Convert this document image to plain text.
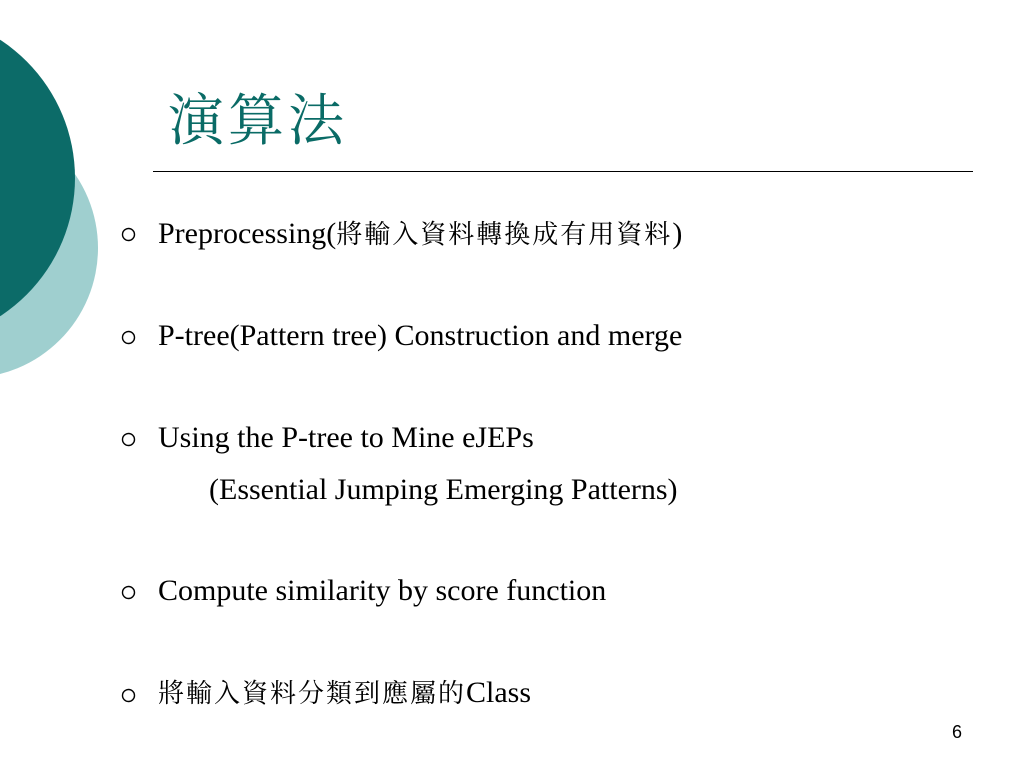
演算法
Preprocessing(將輸入資料轉換成有用資料)
P-tree(Pattern tree) Construction and merge
Using the P-tree to Mine eJEPs
(Essential Jumping Emerging Patterns)
Compute similarity by score function
將輸入資料分類到應屬的Class
6
